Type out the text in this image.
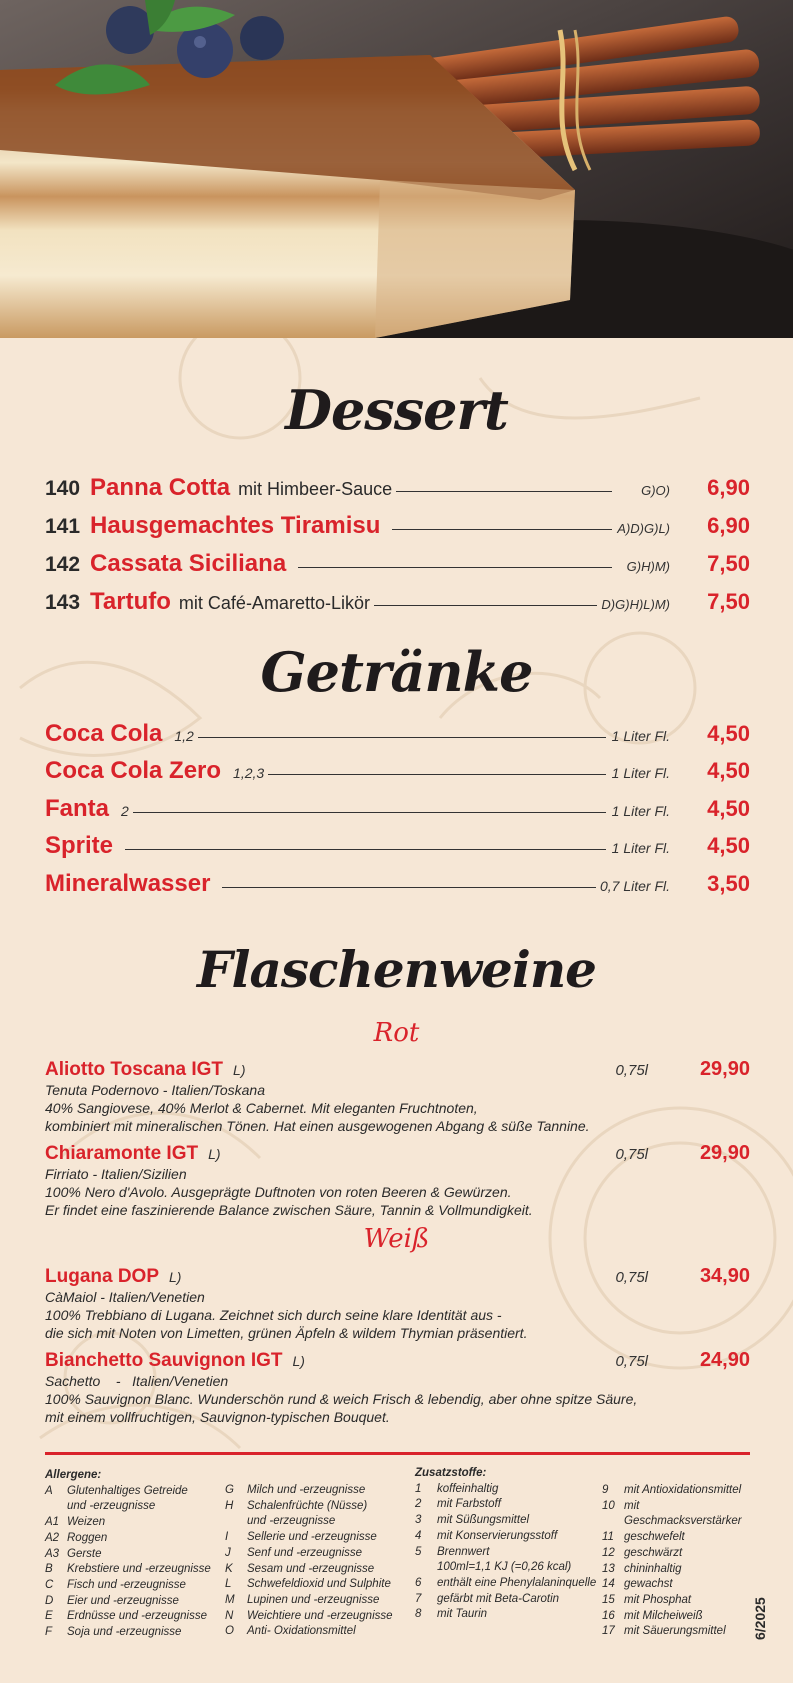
Dessert
140 Panna Cotta mit Himbeer-Sauce	G)O)	6,90
141 Hausgemachtes Tiramisu	A)D)G)L)	6,90
142 Cassata Siciliana	G)H)M)	7,50
143 Tartufo mit Café-Amaretto-Likör	D)G)H)L)M)	7,50
Getränke
Coca Cola 1,2	1 Liter Fl.	4,50
Coca Cola Zero 1,2,3	1 Liter Fl.	4,50
Fanta 2	1 Liter Fl.	4,50
Sprite	1 Liter Fl.	4,50
Mineralwasser	0,7 Liter Fl.	3,50
Flaschenweine
Rot
Aliotto Toscana IGT L)	0,75l	29,90
Tenuta Podernovo - Italien/Toskana
40% Sangiovese, 40% Merlot & Cabernet. Mit eleganten Fruchtnoten,
kombiniert mit mineralischen Tönen. Hat einen ausgewogenen Abgang & süße Tannine.
Chiaramonte IGT L)	0,75l	29,90
Firriato - Italien/Sizilien
100% Nero d'Avolo. Ausgeprägte Duftnoten von roten Beeren & Gewürzen.
Er findet eine faszinierende Balance zwischen Säure, Tannin & Vollmundigkeit.
Weiß
Lugana DOP L)	0,75l	34,90
CàMaiol - Italien/Venetien
100% Trebbiano di Lugana. Zeichnet sich durch seine klare Identität aus -
die sich mit Noten von Limetten, grünen Äpfeln & wildem Thymian präsentiert.
Bianchetto Sauvignon IGT L)	0,75l	24,90
Sachetto    -   Italien/Venetien
100% Sauvignon Blanc. Wunderschön rund & weich Frisch & lebendig, aber ohne spitze Säure,
mit einem vollfruchtigen, Sauvignon-typischen Bouquet.
Allergene:
A	Glutenhaltiges Getreide
und -erzeugnisse
A1 Weizen
A2 Roggen
A3 Gerste
B	Krebstiere und -erzeugnisse
C	Fisch und -erzeugnisse
D	Eier und -erzeugnisse
E	Erdnüsse und -erzeugnisse
F	Soja und -erzeugnisse
G	Milch und -erzeugnisse
H	Schalenfrüchte (Nüsse)
und -erzeugnisse
I	Sellerie und -erzeugnisse
J	Senf und -erzeugnisse
K	Sesam und -erzeugnisse
L	Schwefeldioxid und Sulphite
M	Lupinen und -erzeugnisse
N	Weichtiere und -erzeugnisse
O	Anti- Oxidationsmittel
Zusatzstoffe:
1	koffeinhaltig
2	mit Farbstoff
3	mit Süßungsmittel
4	mit Konservierungsstoff
5	Brennwert
100ml=1,1 KJ (=0,26 kcal)
6	enthält eine Phenylalaninquelle
7	gefärbt mit Beta-Carotin
8	mit Taurin
9	mit Antioxidationsmittel
10 mit Geschmacksverstärker
11 geschwefelt
12 geschwärzt
13 chininhaltig
14 gewachst
15 mit Phosphat
16 mit Milcheiweiß
17 mit Säuerungsmittel 6/2025
